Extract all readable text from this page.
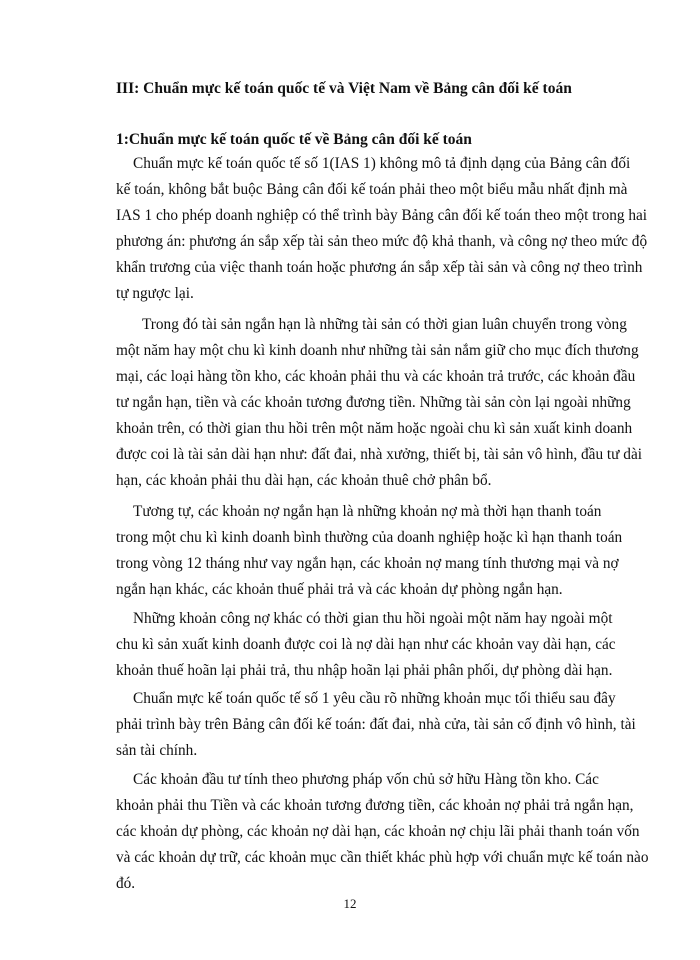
III: Chuẩn mực kế toán quốc tế và Việt Nam về Bảng cân đối kế toán
1:Chuẩn mực kế toán quốc tế về Bảng cân đối kế toán
Chuẩn mực kế toán quốc tế số 1(IAS 1) không mô tả định dạng của Bảng cân đối
kế toán, không bắt buộc Bảng cân đối kế toán phải theo một biểu mẫu nhất định mà
IAS 1 cho phép doanh nghiệp có thể trình bày Bảng cân đối kế toán theo một trong hai
phương án: phương án sắp xếp tài sản theo mức độ khả thanh, và công nợ theo mức độ
khẩn trương của việc thanh toán hoặc phương án sắp xếp tài sản và công nợ theo trình
tự ngược lại.
Trong đó tài sản ngắn hạn là những tài sản có thời gian luân chuyển trong vòng
một năm hay một chu kì kinh doanh như những tài sản nắm giữ cho mục đích thương
mại, các loại hàng tồn kho, các khoản phải thu và các khoản trả trước, các khoản đầu
tư ngắn hạn, tiền và các khoản tương đương tiền. Những tài sản còn lại ngoài những
khoản trên, có thời gian thu hồi trên một năm hoặc ngoài chu kì sản xuất kinh doanh
được coi là tài sản dài hạn như: đất đai, nhà xưởng, thiết bị, tài sản vô hình, đầu tư dài
hạn, các khoản phải thu dài hạn, các khoản thuê chở phân bổ.
Tương tự, các khoản nợ ngắn hạn là những khoản nợ mà thời hạn thanh toán
trong một chu kì kinh doanh bình thường của doanh nghiệp hoặc kì hạn thanh toán
trong vòng 12 tháng như vay ngắn hạn, các khoản nợ mang tính thương mại và nợ
ngắn hạn khác, các khoản thuế phải trả và các khoản dự phòng ngắn hạn.
Những khoản công nợ khác có thời gian thu hồi ngoài một năm hay ngoài một
chu kì sản xuất kinh doanh được coi là nợ dài hạn như các khoản vay dài hạn, các
khoản thuế hoãn lại phải trả, thu nhập hoãn lại phải phân phối, dự phòng dài hạn.
Chuẩn mực kế toán quốc tế số 1 yêu cầu rõ những khoản mục tối thiểu sau đây
phải trình bày trên Bảng cân đối kế toán: đất đai, nhà cửa, tài sản cố định vô hình, tài
sản tài chính.
Các khoản đầu tư tính theo phương pháp vốn chủ sở hữu Hàng tồn kho. Các
khoản phải thu Tiền và các khoản tương đương tiền, các khoản nợ phải trả ngắn hạn,
các khoản dự phòng, các khoản nợ dài hạn, các khoản nợ chịu lãi phải thanh toán vốn
và các khoản dự trữ, các khoản mục cần thiết khác phù hợp với chuẩn mực kế toán nào
đó.
12
